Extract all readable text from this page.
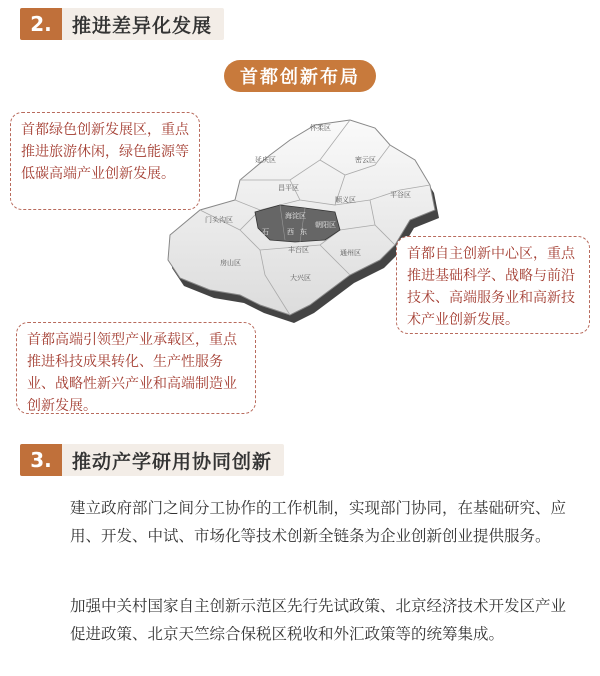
2.	推进差异化发展
首都创新布局
怀柔区
延庆区	密云区
昌平区
顺义区
平谷区
门头沟区	海淀区
朝阳区
石	西 东
丰台区	通州区
房山区
大兴区
首都绿色创新发展区，重点推进旅游休闲，绿色能源等低碳高端产业创新发展。
首都自主创新中心区，重点推进基础科学、战略与前沿技术、高端服务业和高新技术产业创新发展。
首都高端引领型产业承载区，重点推进科技成果转化、生产性服务业、战略性新兴产业和高端制造业创新发展。
3.	推动产学研用协同创新
建立政府部门之间分工协作的工作机制，实现部门协同，在基础研究、应用、开发、中试、市场化等技术创新全链条为企业创新创业提供服务。
加强中关村国家自主创新示范区先行先试政策、北京经济技术开发区产业促进政策、北京天竺综合保税区税收和外汇政策等的统筹集成。
